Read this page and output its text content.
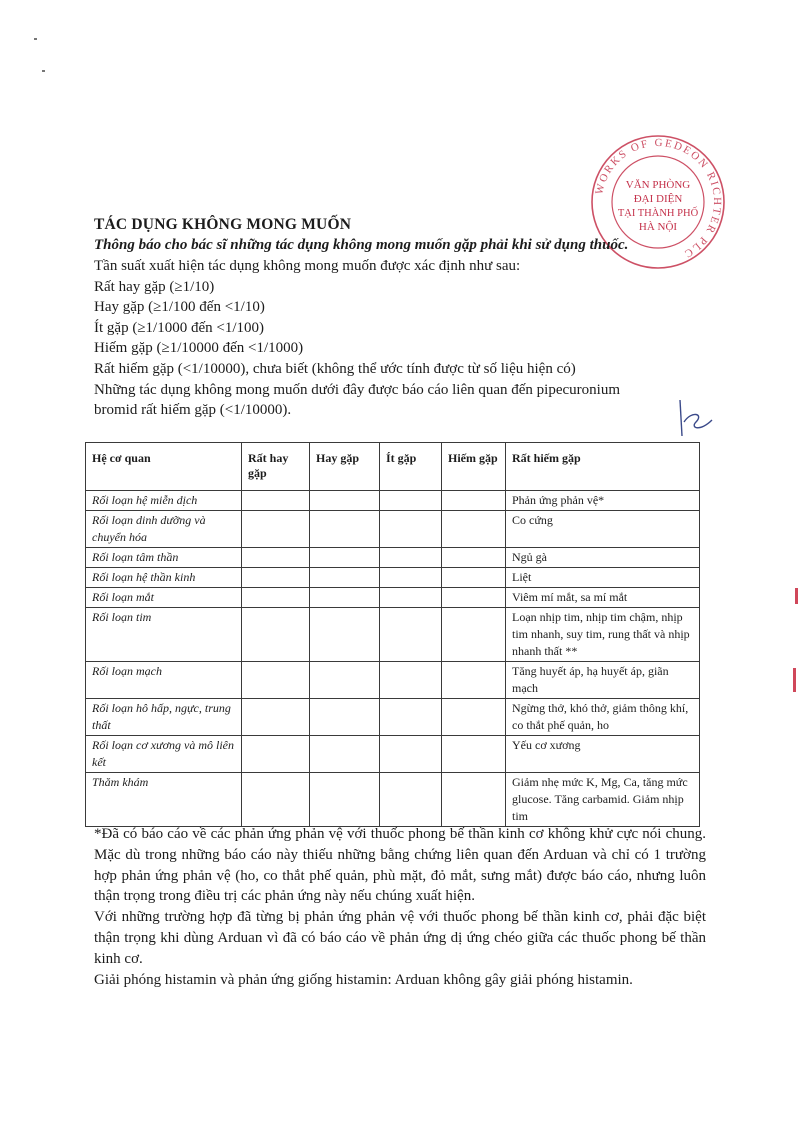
WORKS OF GEDEON RICHTER PLC
VĂN PHÒNG
ĐẠI DIỆN
TẠI THÀNH PHỐ
HÀ NỘI

TÁC DỤNG KHÔNG MONG MUỐN

Thông báo cho bác sĩ những tác dụng không mong muốn gặp phải khi sử dụng thuốc.

Tần suất xuất hiện tác dụng không mong muốn được xác định như sau:

Rất hay gặp (≥1/10)

Hay gặp (≥1/100 đến <1/10)

Ít gặp (≥1/1000 đến <1/100)

Hiếm gặp (≥1/10000 đến <1/1000)

Rất hiếm gặp (<1/10000), chưa biết (không thể ước tính được từ số liệu hiện có)

Những tác dụng không mong muốn dưới đây được báo cáo liên quan đến pipecuronium

bromid rất hiếm gặp (<1/10000).

Hệ cơ quan	Rất hay gặp	Hay gặp	Ít gặp	Hiếm gặp	Rất hiếm gặp
Rối loạn hệ miễn dịch					Phản ứng phản vệ*
Rối loạn dinh dưỡng và chuyển hóa					Co cứng
Rối loạn tâm thần					Ngủ gà
Rối loạn hệ thần kinh					Liệt
Rối loạn mắt					Viêm mí mắt, sa mí mắt
Rối loạn tim					Loạn nhịp tim, nhịp tim chậm, nhịp tim nhanh, suy tim, rung thất và nhịp nhanh thất **
Rối loạn mạch					Tăng huyết áp, hạ huyết áp, giãn mạch
Rối loạn hô hấp, ngực, trung thất					Ngừng thở, khó thở, giảm thông khí, co thắt phế quản, ho
Rối loạn cơ xương và mô liên kết					Yếu cơ xương
Thăm khám					Giảm nhẹ mức K, Mg, Ca, tăng mức glucose. Tăng carbamid. Giảm nhịp tim

*Đã có báo cáo về các phản ứng phản vệ với thuốc phong bế thần kinh cơ không khử cực nói chung. Mặc dù trong những báo cáo này thiếu những bằng chứng liên quan đến Arduan và chỉ có 1 trường hợp phản ứng phản vệ (ho, co thắt phế quản, phù mặt, đỏ mắt, sưng mắt) được báo cáo, nhưng luôn thận trọng trong điều trị các phản ứng này nếu chúng xuất hiện.

Với những trường hợp đã từng bị phản ứng phản vệ với thuốc phong bế thần kinh cơ, phải đặc biệt thận trọng khi dùng Arduan vì đã có báo cáo về phản ứng dị ứng chéo giữa các thuốc phong bế thần kinh cơ.

Giải phóng histamin và phản ứng giống histamin: Arduan không gây giải phóng histamin.
